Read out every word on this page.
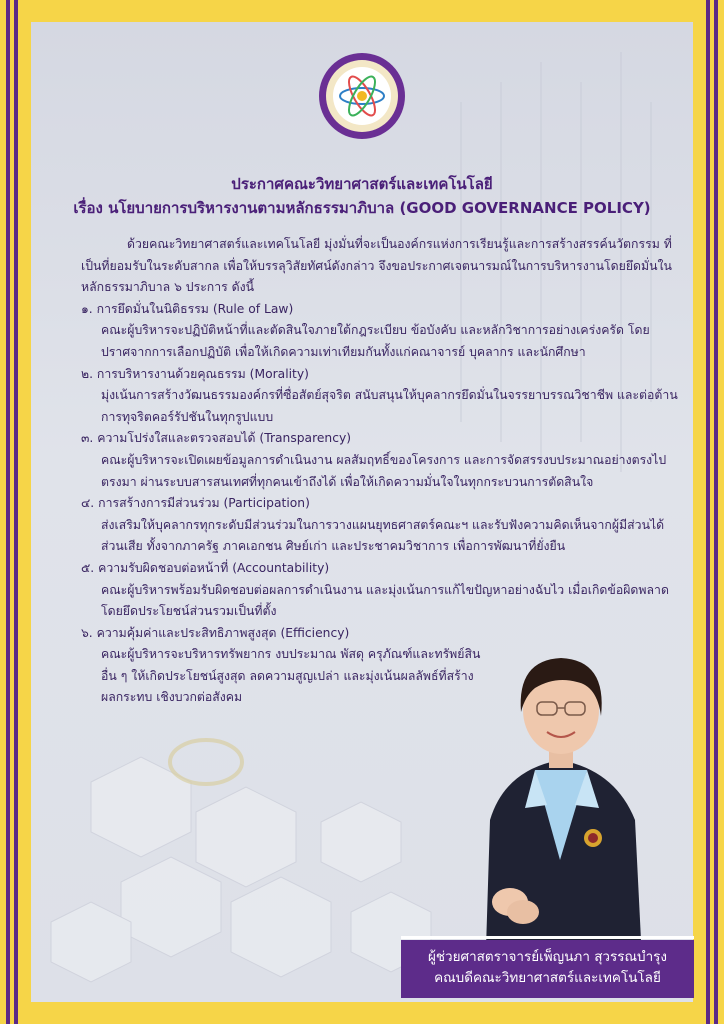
ประกาศคณะวิทยาศาสตร์และเทคโนโลยี
เรื่อง นโยบายการบริหารงานตามหลักธรรมาภิบาล (GOOD GOVERNANCE POLICY)

ด้วยคณะวิทยาศาสตร์และเทคโนโลยี มุ่งมั่นที่จะเป็นองค์กรแห่งการเรียนรู้และการสร้างสรรค์นวัตกรรม ที่เป็นที่ยอมรับในระดับสากล เพื่อให้บรรลุวิสัยทัศน์ดังกล่าว จึงขอประกาศเจตนารมณ์ในการบริหารงานโดยยึดมั่นใน หลักธรรมาภิบาล ๖ ประการ ดังนี้

๑. การยึดมั่นในนิติธรรม (Rule of Law)

คณะผู้บริหารจะปฏิบัติหน้าที่และตัดสินใจภายใต้กฎระเบียบ ข้อบังคับ และหลักวิชาการอย่างเคร่งครัด โดยปราศจากการเลือกปฏิบัติ เพื่อให้เกิดความเท่าเทียมกันทั้งแก่คณาจารย์ บุคลากร และนักศึกษา

๒. การบริหารงานด้วยคุณธรรม (Morality)

มุ่งเน้นการสร้างวัฒนธรรมองค์กรที่ซื่อสัตย์สุจริต สนับสนุนให้บุคลากรยึดมั่นในจรรยาบรรณวิชาชีพ และต่อต้านการทุจริตคอร์รัปชันในทุกรูปแบบ

๓. ความโปร่งใสและตรวจสอบได้ (Transparency)

คณะผู้บริหารจะเปิดเผยข้อมูลการดำเนินงาน ผลสัมฤทธิ์ของโครงการ และการจัดสรรงบประมาณอย่างตรงไปตรงมา ผ่านระบบสารสนเทศที่ทุกคนเข้าถึงได้ เพื่อให้เกิดความมั่นใจในทุกกระบวนการตัดสินใจ

๔. การสร้างการมีส่วนร่วม (Participation)

ส่งเสริมให้บุคลากรทุกระดับมีส่วนร่วมในการวางแผนยุทธศาสตร์คณะฯ และรับฟังความคิดเห็นจากผู้มีส่วนได้ส่วนเสีย ทั้งจากภาครัฐ ภาคเอกชน ศิษย์เก่า และประชาคมวิชาการ เพื่อการพัฒนาที่ยั่งยืน

๕. ความรับผิดชอบต่อหน้าที่ (Accountability)

คณะผู้บริหารพร้อมรับผิดชอบต่อผลการดำเนินงาน และมุ่งเน้นการแก้ไขปัญหาอย่างฉับไว เมื่อเกิดข้อผิดพลาด โดยยึดประโยชน์ส่วนรวมเป็นที่ตั้ง

๖. ความคุ้มค่าและประสิทธิภาพสูงสุด (Efficiency)

คณะผู้บริหารจะบริหารทรัพยากร งบประมาณ พัสดุ ครุภัณฑ์และทรัพย์สินอื่น ๆ ให้เกิดประโยชน์สูงสุด ลดความสูญเปล่า และมุ่งเน้นผลลัพธ์ที่สร้างผลกระทบ เชิงบวกต่อสังคม

ผู้ช่วยศาสตราจารย์เพ็ญนภา สุวรรณบำรุง
คณบดีคณะวิทยาศาสตร์และเทคโนโลยี
